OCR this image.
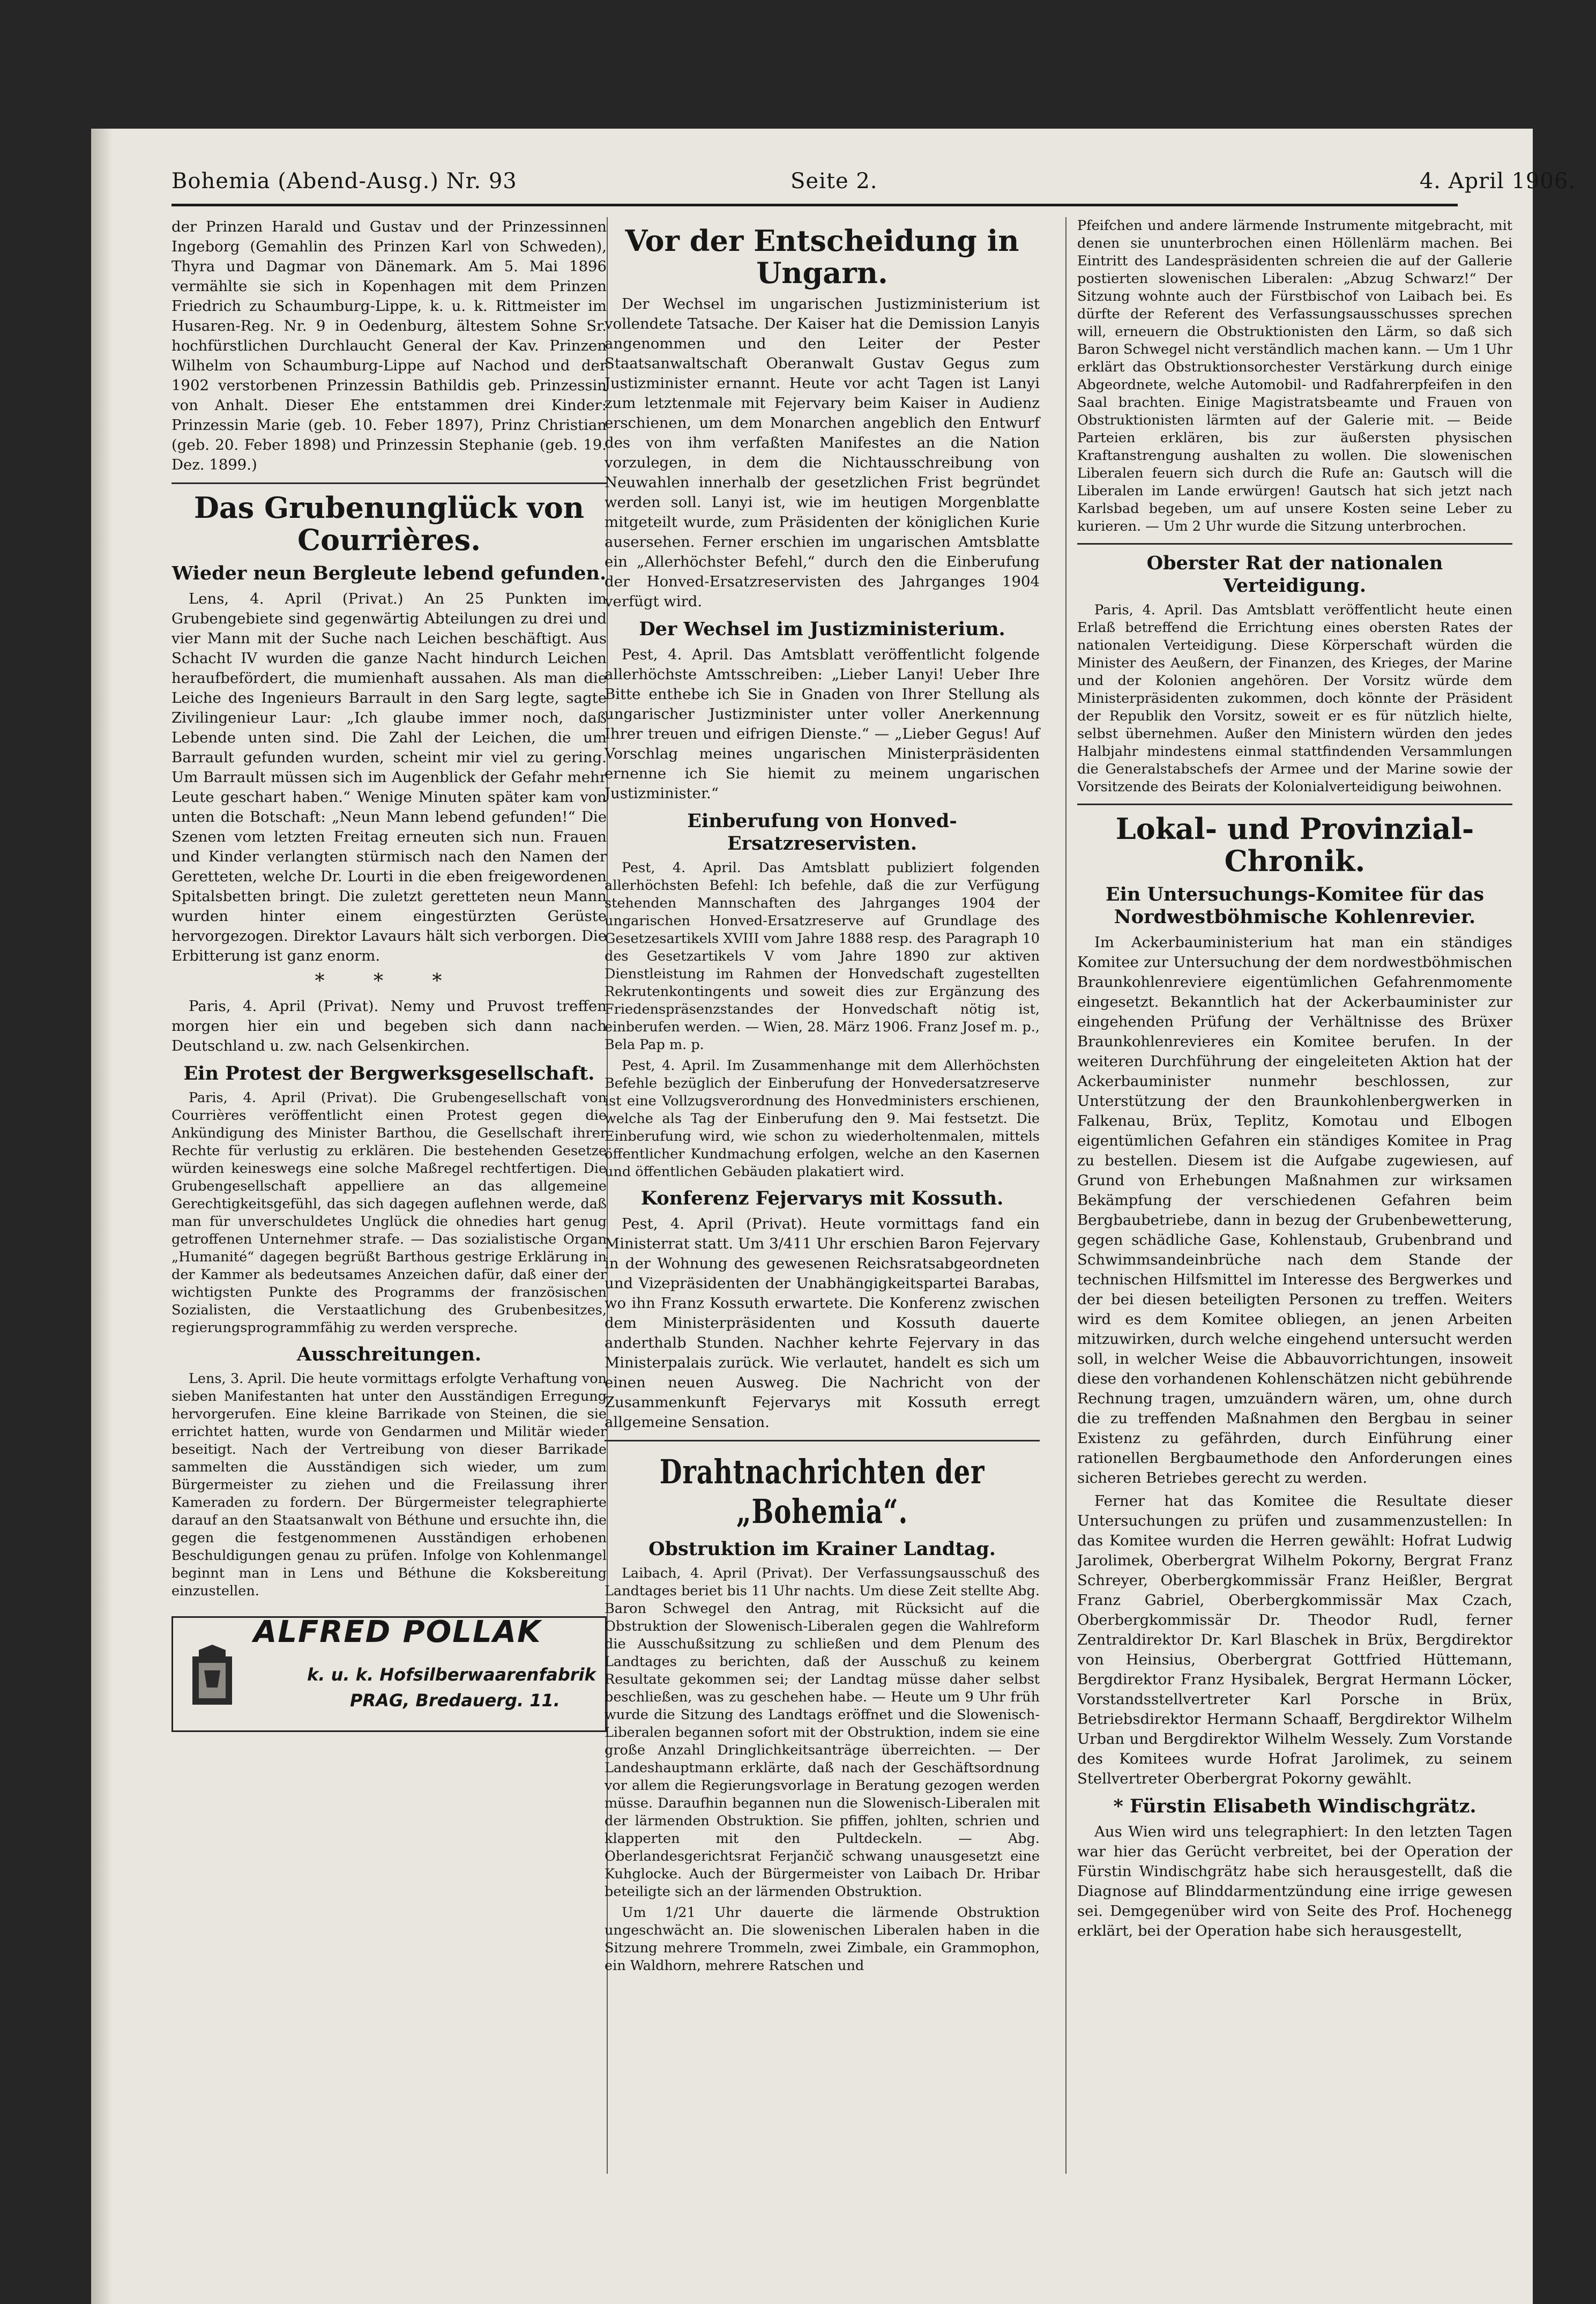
Bohemia (Abend-Ausg.) Nr. 93	Seite 2.	4. April 1906.

der Prinzen Harald und Gustav und der Prinzessinnen Ingeborg (Gemahlin des Prinzen Karl von Schweden), Thyra und Dagmar von Dänemark. Am 5. Mai 1896 vermählte sie sich in Kopenhagen mit dem Prinzen Friedrich zu Schaumburg-Lippe, k. u. k. Rittmeister im Husaren-Reg. Nr. 9 in Oedenburg, ältestem Sohne Sr. hochfürstlichen Durchlaucht General der Kav. Prinzen Wilhelm von Schaumburg-Lippe auf Nachod und der 1902 verstorbenen Prinzessin Bathildis geb. Prinzessin von Anhalt. Dieser Ehe entstammen drei Kinder: Prinzessin Marie (geb. 10. Feber 1897), Prinz Christian (geb. 20. Feber 1898) und Prinzessin Stephanie (geb. 19. Dez. 1899.)

Das Grubenunglück von Courrières.
Wieder neun Bergleute lebend gefunden.

Lens, 4. April (Privat.) An 25 Punkten im Grubengebiete sind gegenwärtig Abteilungen zu drei und vier Mann mit der Suche nach Leichen beschäftigt. Aus Schacht IV wurden die ganze Nacht hindurch Leichen heraufbefördert, die mumienhaft aussahen. Als man die Leiche des Ingenieurs Barrault in den Sarg legte, sagte Zivilingenieur Laur: „Ich glaube immer noch, daß Lebende unten sind. Die Zahl der Leichen, die um Barrault gefunden wurden, scheint mir viel zu gering. Um Barrault müssen sich im Augenblick der Gefahr mehr Leute geschart haben.“ Wenige Minuten später kam von unten die Botschaft: „Neun Mann lebend gefunden!“ Die Szenen vom letzten Freitag erneuten sich nun. Frauen und Kinder verlangten stürmisch nach den Namen der Geretteten, welche Dr. Lourti in die eben freigewordenen Spitalsbetten bringt. Die zuletzt geretteten neun Mann wurden hinter einem eingestürzten Gerüste hervorgezogen. Direktor Lavaurs hält sich verborgen. Die Erbitterung ist ganz enorm.

* * *

Paris, 4. April (Privat). Nemy und Pruvost treffen morgen hier ein und begeben sich dann nach Deutschland u. zw. nach Gelsenkirchen.

Ein Protest der Bergwerksgesellschaft.

Paris, 4. April (Privat). Die Grubengesellschaft von Courrières veröffentlicht einen Protest gegen die Ankündigung des Minister Barthou, die Gesellschaft ihrer Rechte für verlustig zu erklären. Die bestehenden Gesetze würden keineswegs eine solche Maßregel rechtfertigen. Die Grubengesellschaft appelliere an das allgemeine Gerechtigkeitsgefühl, das sich dagegen auflehnen werde, daß man für unverschuldetes Unglück die ohnedies hart genug getroffenen Unternehmer strafe. — Das sozialistische Organ „Humanité“ dagegen begrüßt Barthous gestrige Erklärung in der Kammer als bedeutsames Anzeichen dafür, daß einer der wichtigsten Punkte des Programms der französischen Sozialisten, die Verstaatlichung des Grubenbesitzes, regierungsprogrammfähig zu werden verspreche.

Ausschreitungen.

Lens, 3. April. Die heute vormittags erfolgte Verhaftung von sieben Manifestanten hat unter den Ausständigen Erregung hervorgerufen. Eine kleine Barrikade von Steinen, die sie errichtet hatten, wurde von Gendarmen und Militär wieder beseitigt. Nach der Vertreibung von dieser Barrikade sammelten die Ausständigen sich wieder, um zum Bürgermeister zu ziehen und die Freilassung ihrer Kameraden zu fordern. Der Bürgermeister telegraphierte darauf an den Staatsanwalt von Béthune und ersuchte ihn, die gegen die festgenommenen Ausständigen erhobenen Beschuldigungen genau zu prüfen. Infolge von Kohlenmangel beginnt man in Lens und Béthune die Koksbereitung einzustellen.

ALFRED POLLAK
k. u. k. Hofsilberwaarenfabrik
PRAG, Bredauerg. 11.
Vor der Entscheidung in Ungarn.

Der Wechsel im ungarischen Justizministerium ist vollendete Tatsache. Der Kaiser hat die Demission Lanyis angenommen und den Leiter der Pester Staatsanwaltschaft Oberanwalt Gustav Gegus zum Justizminister ernannt. Heute vor acht Tagen ist Lanyi zum letztenmale mit Fejervary beim Kaiser in Audienz erschienen, um dem Monarchen angeblich den Entwurf des von ihm verfaßten Manifestes an die Nation vorzulegen, in dem die Nichtausschreibung von Neuwahlen innerhalb der gesetzlichen Frist begründet werden soll. Lanyi ist, wie im heutigen Morgenblatte mitgeteilt wurde, zum Präsidenten der königlichen Kurie ausersehen. Ferner erschien im ungarischen Amtsblatte ein „Allerhöchster Befehl,“ durch den die Einberufung der Honved-Ersatzreservisten des Jahrganges 1904 verfügt wird.

Der Wechsel im Justizministerium.

Pest, 4. April. Das Amtsblatt veröffentlicht folgende allerhöchste Amtsschreiben: „Lieber Lanyi! Ueber Ihre Bitte enthebe ich Sie in Gnaden von Ihrer Stellung als ungarischer Justizminister unter voller Anerkennung Ihrer treuen und eifrigen Dienste.“ — „Lieber Gegus! Auf Vorschlag meines ungarischen Ministerpräsidenten ernenne ich Sie hiemit zu meinem ungarischen Justizminister.“

Einberufung von Honved-Ersatzreservisten.

Pest, 4. April. Das Amtsblatt publiziert folgenden allerhöchsten Befehl: Ich befehle, daß die zur Verfügung stehenden Mannschaften des Jahrganges 1904 der ungarischen Honved-Ersatzreserve auf Grundlage des Gesetzesartikels XVIII vom Jahre 1888 resp. des Paragraph 10 des Gesetzartikels V vom Jahre 1890 zur aktiven Dienstleistung im Rahmen der Honvedschaft zugestellten Rekrutenkontingents und soweit dies zur Ergänzung des Friedenspräsenzstandes der Honvedschaft nötig ist, einberufen werden. — Wien, 28. März 1906. Franz Josef m. p., Bela Pap m. p.

Pest, 4. April. Im Zusammenhange mit dem Allerhöchsten Befehle bezüglich der Einberufung der Honvedersatzreserve ist eine Vollzugsverordnung des Honvedministers erschienen, welche als Tag der Einberufung den 9. Mai festsetzt. Die Einberufung wird, wie schon zu wiederholtenmalen, mittels öffentlicher Kundmachung erfolgen, welche an den Kasernen und öffentlichen Gebäuden plakatiert wird.

Konferenz Fejervarys mit Kossuth.

Pest, 4. April (Privat). Heute vormittags fand ein Ministerrat statt. Um 3/411 Uhr erschien Baron Fejervary in der Wohnung des gewesenen Reichsratsabgeordneten und Vizepräsidenten der Unabhängigkeitspartei Barabas, wo ihn Franz Kossuth erwartete. Die Konferenz zwischen dem Ministerpräsidenten und Kossuth dauerte anderthalb Stunden. Nachher kehrte Fejervary in das Ministerpalais zurück. Wie verlautet, handelt es sich um einen neuen Ausweg. Die Nachricht von der Zusammenkunft Fejervarys mit Kossuth erregt allgemeine Sensation.

Drahtnachrichten der „Bohemia“.
Obstruktion im Krainer Landtag.

Laibach, 4. April (Privat). Der Verfassungsausschuß des Landtages beriet bis 11 Uhr nachts. Um diese Zeit stellte Abg. Baron Schwegel den Antrag, mit Rücksicht auf die Obstruktion der Slowenisch-Liberalen gegen die Wahlreform die Ausschußsitzung zu schließen und dem Plenum des Landtages zu berichten, daß der Ausschuß zu keinem Resultate gekommen sei; der Landtag müsse daher selbst beschließen, was zu geschehen habe. — Heute um 9 Uhr früh wurde die Sitzung des Landtags eröffnet und die Slowenisch-Liberalen begannen sofort mit der Obstruktion, indem sie eine große Anzahl Dringlichkeitsanträge überreichten. — Der Landeshauptmann erklärte, daß nach der Geschäftsordnung vor allem die Regierungsvorlage in Beratung gezogen werden müsse. Daraufhin begannen nun die Slowenisch-Liberalen mit der lärmenden Obstruktion. Sie pfiffen, johlten, schrien und klapperten mit den Pultdeckeln. — Abg. Oberlandesgerichtsrat Ferjančič schwang unausgesetzt eine Kuhglocke. Auch der Bürgermeister von Laibach Dr. Hribar beteiligte sich an der lärmenden Obstruktion.

Um 1/21 Uhr dauerte die lärmende Obstruktion ungeschwächt an. Die slowenischen Liberalen haben in die Sitzung mehrere Trommeln, zwei Zimbale, ein Grammophon, ein Waldhorn, mehrere Ratschen und

Pfeifchen und andere lärmende Instrumente mitgebracht, mit denen sie ununterbrochen einen Höllenlärm machen. Bei Eintritt des Landespräsidenten schreien die auf der Gallerie postierten slowenischen Liberalen: „Abzug Schwarz!“ Der Sitzung wohnte auch der Fürstbischof von Laibach bei. Es dürfte der Referent des Verfassungsausschusses sprechen will, erneuern die Obstruktionisten den Lärm, so daß sich Baron Schwegel nicht verständlich machen kann. — Um 1 Uhr erklärt das Obstruktionsorchester Verstärkung durch einige Abgeordnete, welche Automobil- und Radfahrerpfeifen in den Saal brachten. Einige Magistratsbeamte und Frauen von Obstruktionisten lärmten auf der Galerie mit. — Beide Parteien erklären, bis zur äußersten physischen Kraftanstrengung aushalten zu wollen. Die slowenischen Liberalen feuern sich durch die Rufe an: Gautsch will die Liberalen im Lande erwürgen! Gautsch hat sich jetzt nach Karlsbad begeben, um auf unsere Kosten seine Leber zu kurieren. — Um 2 Uhr wurde die Sitzung unterbrochen.

Oberster Rat der nationalen Verteidigung.

Paris, 4. April. Das Amtsblatt veröffentlicht heute einen Erlaß betreffend die Errichtung eines obersten Rates der nationalen Verteidigung. Diese Körperschaft würden die Minister des Aeußern, der Finanzen, des Krieges, der Marine und der Kolonien angehören. Der Vorsitz würde dem Ministerpräsidenten zukommen, doch könnte der Präsident der Republik den Vorsitz, soweit er es für nützlich hielte, selbst übernehmen. Außer den Ministern würden den jedes Halbjahr mindestens einmal stattfindenden Versammlungen die Generalstabschefs der Armee und der Marine sowie der Vorsitzende des Beirats der Kolonialverteidigung beiwohnen.

Lokal- und Provinzial-Chronik.
Ein Untersuchungs-Komitee für das Nordwestböhmische Kohlenrevier.

Im Ackerbauministerium hat man ein ständiges Komitee zur Untersuchung der dem nordwestböhmischen Braunkohlenreviere eigentümlichen Gefahrenmomente eingesetzt. Bekanntlich hat der Ackerbauminister zur eingehenden Prüfung der Verhältnisse des Brüxer Braunkohlenrevieres ein Komitee berufen. In der weiteren Durchführung der eingeleiteten Aktion hat der Ackerbauminister nunmehr beschlossen, zur Unterstützung der den Braunkohlenbergwerken in Falkenau, Brüx, Teplitz, Komotau und Elbogen eigentümlichen Gefahren ein ständiges Komitee in Prag zu bestellen. Diesem ist die Aufgabe zugewiesen, auf Grund von Erhebungen Maßnahmen zur wirksamen Bekämpfung der verschiedenen Gefahren beim Bergbaubetriebe, dann in bezug der Grubenbewetterung, gegen schädliche Gase, Kohlenstaub, Grubenbrand und Schwimmsandeinbrüche nach dem Stande der technischen Hilfsmittel im Interesse des Bergwerkes und der bei diesen beteiligten Personen zu treffen. Weiters wird es dem Komitee obliegen, an jenen Arbeiten mitzuwirken, durch welche eingehend untersucht werden soll, in welcher Weise die Abbauvorrichtungen, insoweit diese den vorhandenen Kohlenschätzen nicht gebührende Rechnung tragen, umzuändern wären, um, ohne durch die zu treffenden Maßnahmen den Bergbau in seiner Existenz zu gefährden, durch Einführung einer rationellen Bergbaumethode den Anforderungen eines sicheren Betriebes gerecht zu werden.

Ferner hat das Komitee die Resultate dieser Untersuchungen zu prüfen und zusammenzustellen: In das Komitee wurden die Herren gewählt: Hofrat Ludwig Jarolimek, Oberbergrat Wilhelm Pokorny, Bergrat Franz Schreyer, Oberbergkommissär Franz Heißler, Bergrat Franz Gabriel, Oberbergkommissär Max Czach, Oberbergkommissär Dr. Theodor Rudl, ferner Zentraldirektor Dr. Karl Blaschek in Brüx, Bergdirektor von Heinsius, Oberbergrat Gottfried Hüttemann, Bergdirektor Franz Hysibalek, Bergrat Hermann Löcker, Vorstandsstellvertreter Karl Porsche in Brüx, Betriebsdirektor Hermann Schaaff, Bergdirektor Wilhelm Urban und Bergdirektor Wilhelm Wessely. Zum Vorstande des Komitees wurde Hofrat Jarolimek, zu seinem Stellvertreter Oberbergrat Pokorny gewählt.

* Fürstin Elisabeth Windischgrätz.

Aus Wien wird uns telegraphiert: In den letzten Tagen war hier das Gerücht verbreitet, bei der Operation der Fürstin Windischgrätz habe sich herausgestellt, daß die Diagnose auf Blinddarmentzündung eine irrige gewesen sei. Demgegenüber wird von Seite des Prof. Hochenegg erklärt, bei der Operation habe sich herausgestellt,
